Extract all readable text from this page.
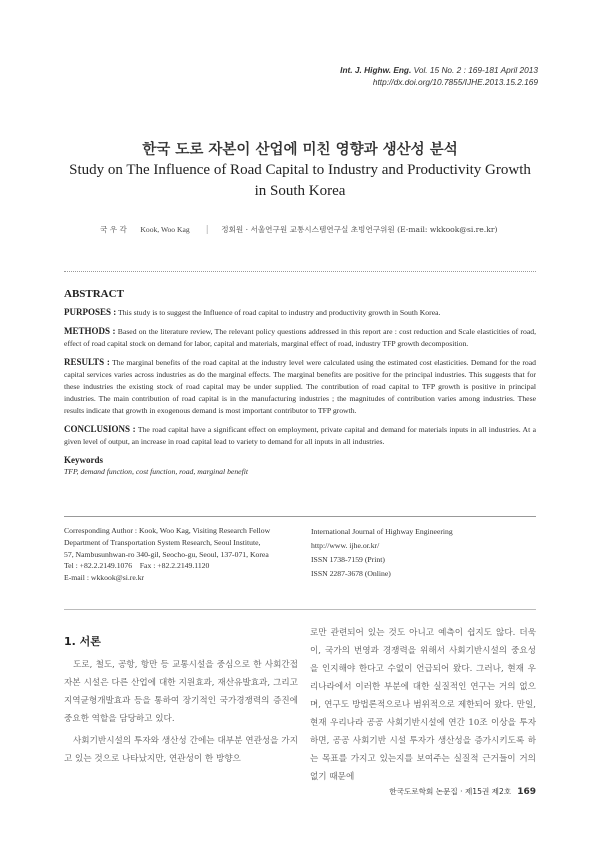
Int. J. Highw. Eng. Vol. 15 No. 2 : 169-181 April 2013
http://dx.doi.org/10.7855/IJHE.2013.15.2.169
한국 도로 자본이 산업에 미친 영향과 생산성 분석
Study on The Influence of Road Capital to Industry and Productivity Growth
in South Korea
국 우 각 Kook, Woo Kag │ 정회원 · 서울연구원 교통시스템연구실 초빙연구위원 (E-mail: wkkook@si.re.kr)
ABSTRACT

PURPOSES : This study is to suggest the Influence of road capital to industry and productivity growth in South Korea.

METHODS : Based on the literature review, The relevant policy questions addressed in this report are : cost reduction and Scale elasticities of road, effect of road capital stock on demand for labor, capital and materials, marginal effect of road, industry TFP growth decomposition.

RESULTS : The marginal benefits of the road capital at the industry level were calculated using the estimated cost elasticities. Demand for the road capital services varies across industries as do the marginal effects. The marginal benefits are positive for the principal industries. This suggests that for these industries the existing stock of road capital may be under supplied. The contribution of road capital to TFP growth is positive in principal industries. The main contribution of road capital is in the manufacturing industries ; the magnitudes of contribution varies among industries. These results indicate that growth in exogenous demand is most important contributor to TFP growth.

CONCLUSIONS : The road capital have a significant effect on employment, private capital and demand for materials inputs in all industries. At a given level of output, an increase in road capital lead to variety to demand for all inputs in all industries.

Keywords
TFP, demand function, cost function, road, marginal benefit
Corresponding Author : Kook, Woo Kag, Visiting Research Fellow
Department of Transportation System Research, Seoul Institute,
57, Nambusunhwan-ro 340-gil, Seocho-gu, Seoul, 137-071, Korea
Tel : +82.2.2149.1076    Fax : +82.2.2149.1120
E-mail : wkkook@si.re.kr
International Journal of Highway Engineering
http://www. ijhe.or.kr/
ISSN 1738-7159 (Print)
ISSN 2287-3678 (Online)
1. 서론

도로, 철도, 공항, 항만 등 교통시설을 중심으로 한 사회간접자본 시설은 다른 산업에 대한 지원효과, 재산유발효과, 그리고 지역균형개발효과 등을 통하여 장기적인 국가경쟁력의 증진에 중요한 역할을 담당하고 있다.

사회기반시설의 투자와 생산성 간에는 대부분 연관성을 가지고 있는 것으로 나타났지만, 연관성이 한 방향으

로만 관련되어 있는 것도 아니고 예측이 쉽지도 않다. 더욱이, 국가의 번영과 경쟁력을 위해서 사회기반시설의 중요성을 인지해야 한다고 수없이 언급되어 왔다. 그러나, 현재 우리나라에서 이러한 부분에 대한 실질적인 연구는 거의 없으며, 연구도 방법론적으로나 범위적으로 제한되어 왔다. 만일, 현재 우리나라 공공 사회기반시설에 연간 10조 이상을 투자하면, 공공 사회기반 시설 투자가 생산성을 증가시키도록 하는 목표를 가지고 있는지를 보여주는 실질적 근거들이 거의 없기 때문에

한국도로학회 논문집 · 제15권 제2호 169
